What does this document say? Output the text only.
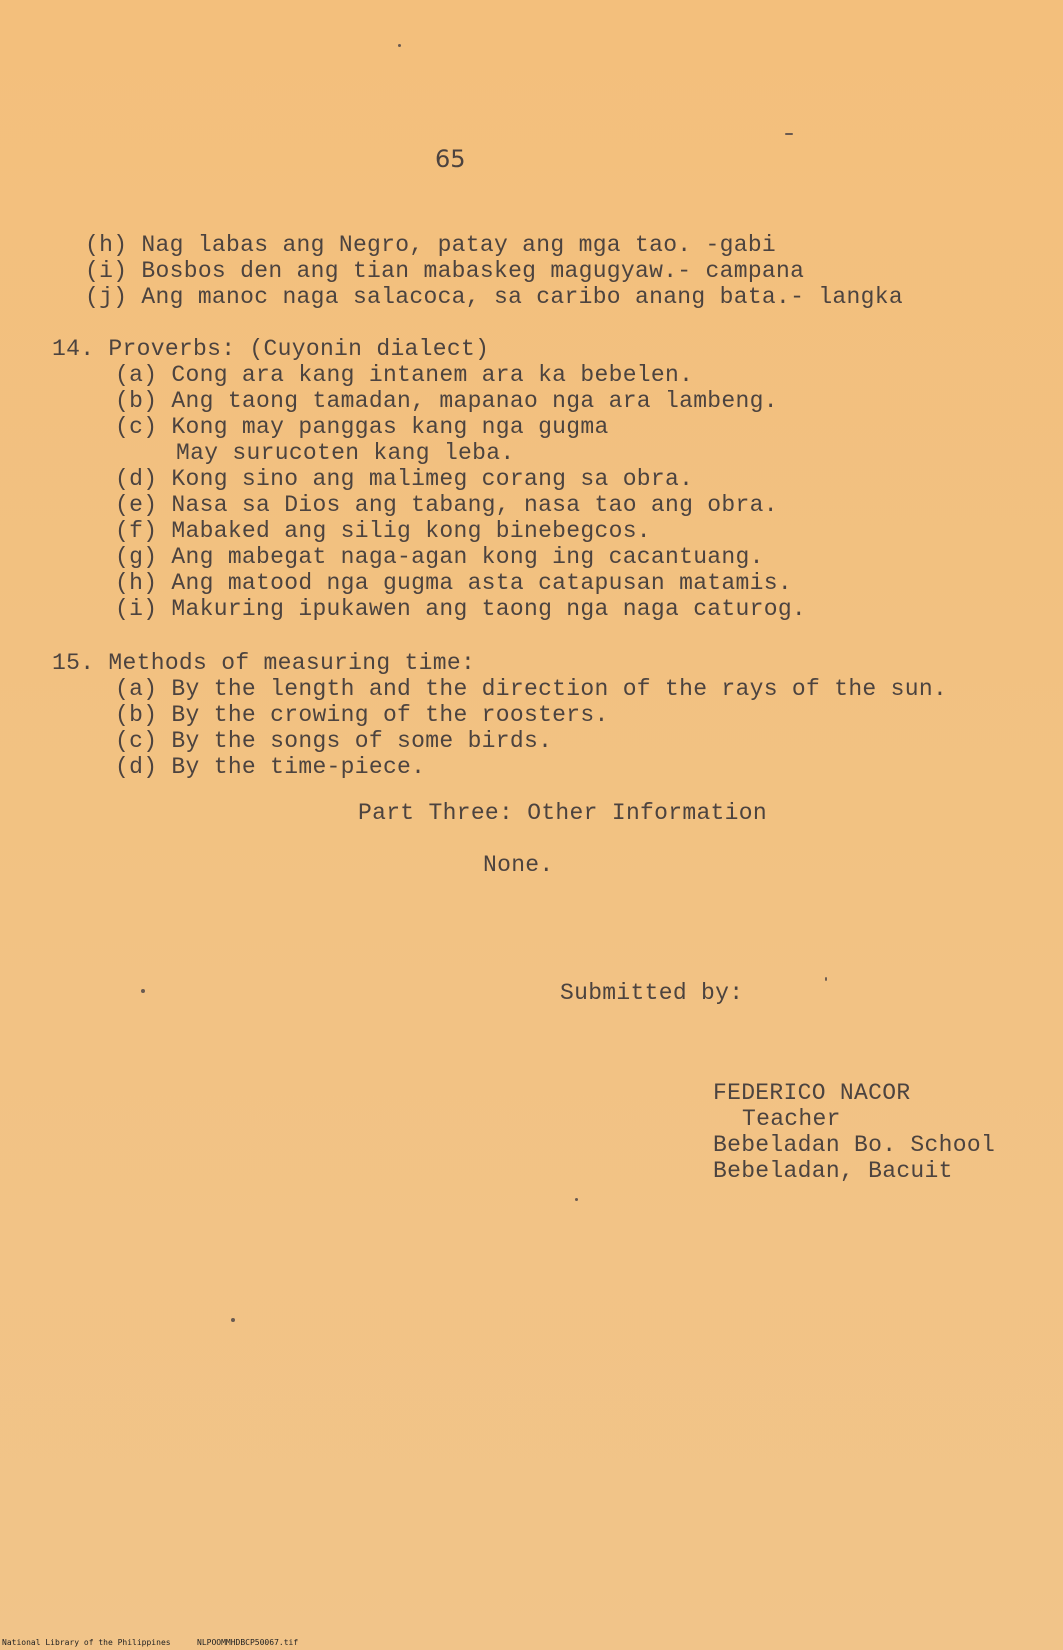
65
(h) Nag labas ang Negro, patay ang mga tao. -gabi
(i) Bosbos den ang tian mabaskeg magugyaw.- campana
(j) Ang manoc naga salacoca, sa caribo anang bata.- langka
14. Proverbs: (Cuyonin dialect)
(a) Cong ara kang intanem ara ka bebelen.
(b) Ang taong tamadan, mapanao nga ara lambeng.
(c) Kong may panggas kang nga gugma
May surucoten kang leba.
(d) Kong sino ang malimeg corang sa obra.
(e) Nasa sa Dios ang tabang, nasa tao ang obra.
(f) Mabaked ang silig kong binebegcos.
(g) Ang mabegat naga-agan kong ing cacantuang.
(h) Ang matood nga gugma asta catapusan matamis.
(i) Makuring ipukawen ang taong nga naga caturog.
15. Methods of measuring time:
(a) By the length and the direction of the rays of the sun.
(b) By the crowing of the roosters.
(c) By the songs of some birds.
(d) By the time-piece.
Part Three: Other Information
None.
Submitted by:
FEDERICO NACOR
Teacher
Bebeladan Bo. School
Bebeladan, Bacuit
National Library of the Philippines	NLPOOMMHDBCP50067.tif
